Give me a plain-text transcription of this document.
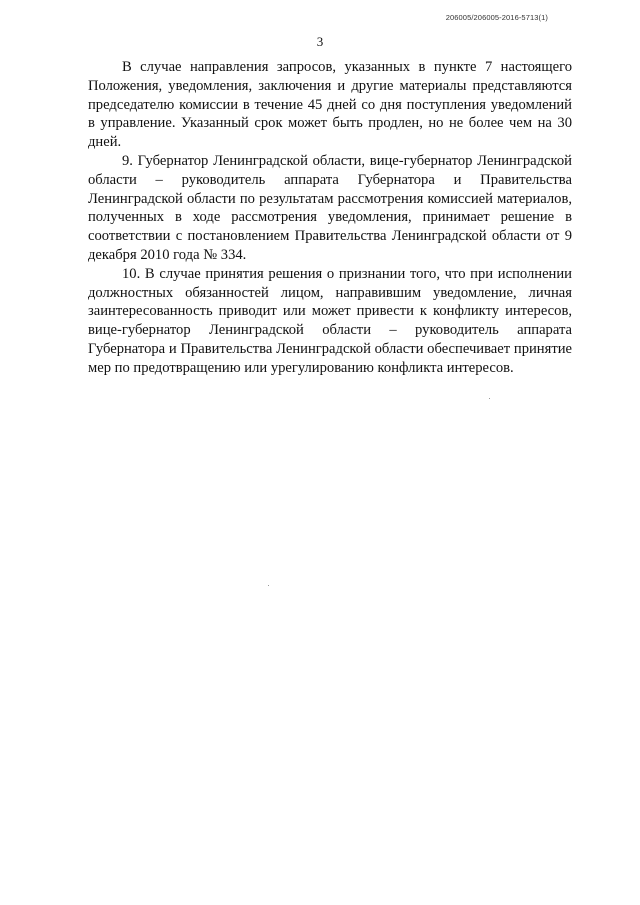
206005/206005-2016-5713(1)
3

В случае направления запросов, указанных в пункте 7 настоящего Положения, уведомления, заключения и другие материалы представляются председателю комиссии в течение 45 дней со дня поступления уведомлений в управление. Указанный срок может быть продлен, но не более чем на 30 дней.

9. Губернатор Ленинградской области, вице-губернатор Ленинградской области – руководитель аппарата Губернатора и Правительства Ленинградской области по результатам рассмотрения комиссией материалов, полученных в ходе рассмотрения уведомления, принимает решение в соответствии с постановлением Правительства Ленинградской области от 9 декабря 2010 года № 334.

10. В случае принятия решения о признании того, что при исполнении должностных обязанностей лицом, направившим уведомление, личная заинтересованность приводит или может привести к конфликту интересов, вице-губернатор Ленинградской области – руководитель аппарата Губернатора и Правительства Ленинградской области обеспечивает принятие мер по предотвращению или урегулированию конфликта интересов.
